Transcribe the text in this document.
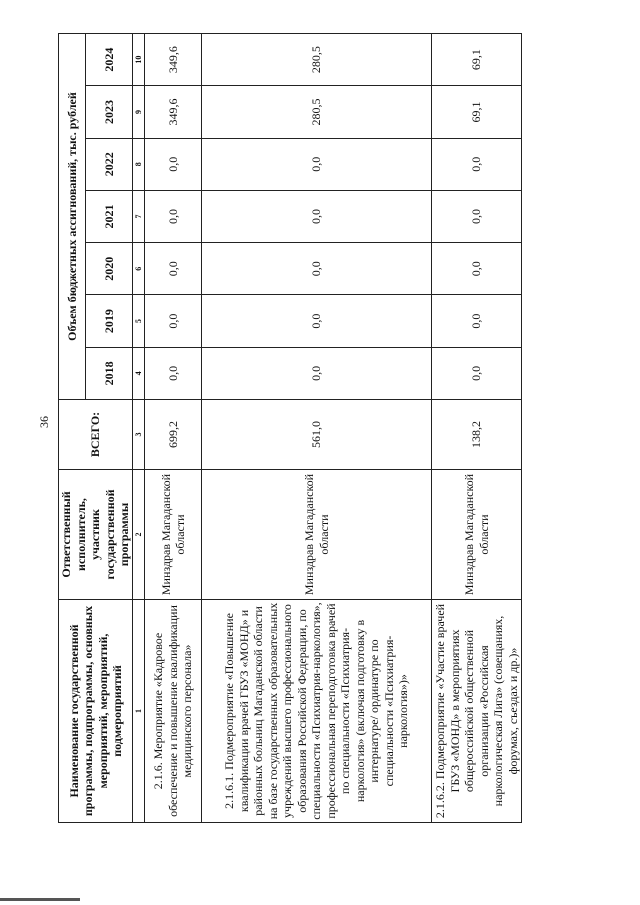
36
Наименование государственной программы, подпрограммы, основных мероприятий, мероприятий, подмероприятий	Ответственный исполнитель, участник государственной программы	ВСЕГО:	Объем бюджетных ассигнований, тыс. рублей						
			2018	2019	2020	2021	2022	2023	2024
1	2	3	4	5	6	7	8	9	10
2.1.6. Мероприятие «Кадровое обеспечение и повышение квалификации медицинского персонала»	Минздрав Магаданской области	699,2	0,0	0,0	0,0	0,0	0,0	349,6	349,6
2.1.6.1. Подмероприятие «Повышение квалификации врачей ГБУЗ «МОНД» и районных больниц Магаданской области на базе государственных образовательных учреждений высшего профессионального образования Российской Федерации, по специальности «Психиатрия-наркология», профессиональная переподготовка врачей по специальности «Психиатрия-наркология» (включая подготовку в интернатуре/ ординатуре по специальности «Психиатрия-наркология»)»	Минздрав Магаданской области	561,0	0,0	0,0	0,0	0,0	0,0	280,5	280,5
2.1.6.2. Подмероприятие «Участие врачей ГБУЗ «МОНД» в мероприятиях общероссийской общественной организации «Российская наркологическая Лига» (совещаниях, форумах, съездах и др.)»	Минздрав Магаданской области	138,2	0,0	0,0	0,0	0,0	0,0	69,1	69,1
